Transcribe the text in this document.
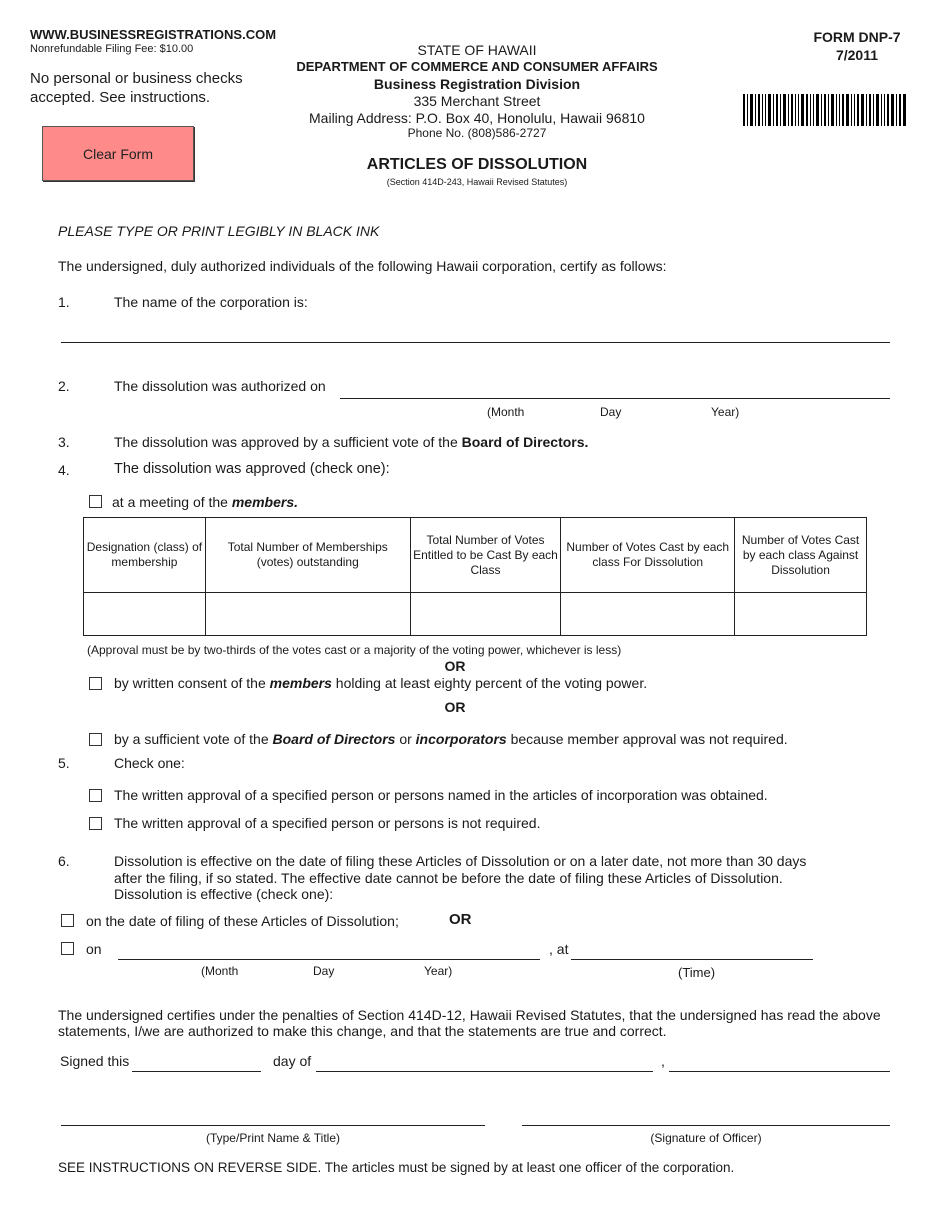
WWW.BUSINESSREGISTRATIONS.COM
Nonrefundable Filing Fee: $10.00
No personal or business checks accepted. See instructions.
Clear Form
STATE OF HAWAII
DEPARTMENT OF COMMERCE AND CONSUMER AFFAIRS
Business Registration Division
335 Merchant Street
Mailing Address: P.O. Box 40, Honolulu, Hawaii 96810
Phone No. (808)586-2727
FORM DNP-7
7/2011
ARTICLES OF DISSOLUTION
(Section 414D-243, Hawaii Revised Statutes)
PLEASE TYPE OR PRINT LEGIBLY IN BLACK INK
The undersigned, duly authorized individuals of the following Hawaii corporation, certify as follows:
1.	The name of the corporation is:
2.	The dissolution was authorized on
(Month	Day	Year)
3.	The dissolution was approved by a sufficient vote of the Board of Directors.
4.	The dissolution was approved (check one):
at a meeting of the members.
Designation (class) of membership	Total Number of Memberships (votes) outstanding	Total Number of Votes Entitled to be Cast By each Class	Number of Votes Cast by each class For Dissolution	Number of Votes Cast by each class Against Dissolution

(Approval must be by two-thirds of the votes cast or a majority of the voting power, whichever is less)
OR
by written consent of the members holding at least eighty percent of the voting power.
OR
by a sufficient vote of the Board of Directors or incorporators because member approval was not required.
5.	Check one:
The written approval of a specified person or persons named in the articles of incorporation was obtained.
The written approval of a specified person or persons is not required.
6.	Dissolution is effective on the date of filing these Articles of Dissolution or on a later date, not more than 30 days
after the filing, if so stated. The effective date cannot be before the date of filing these Articles of Dissolution.
Dissolution is effective (check one):
on the date of filing of these Articles of Dissolution;	OR
on	, at
(Month	Day	Year)	(Time)
The undersigned certifies under the penalties of Section 414D-12, Hawaii Revised Statutes, that the undersigned has read the above
statements, I/we are authorized to make this change, and that the statements are true and correct.
Signed this	day of	,
(Type/Print Name & Title)	(Signature of Officer)
SEE INSTRUCTIONS ON REVERSE SIDE. The articles must be signed by at least one officer of the corporation.
